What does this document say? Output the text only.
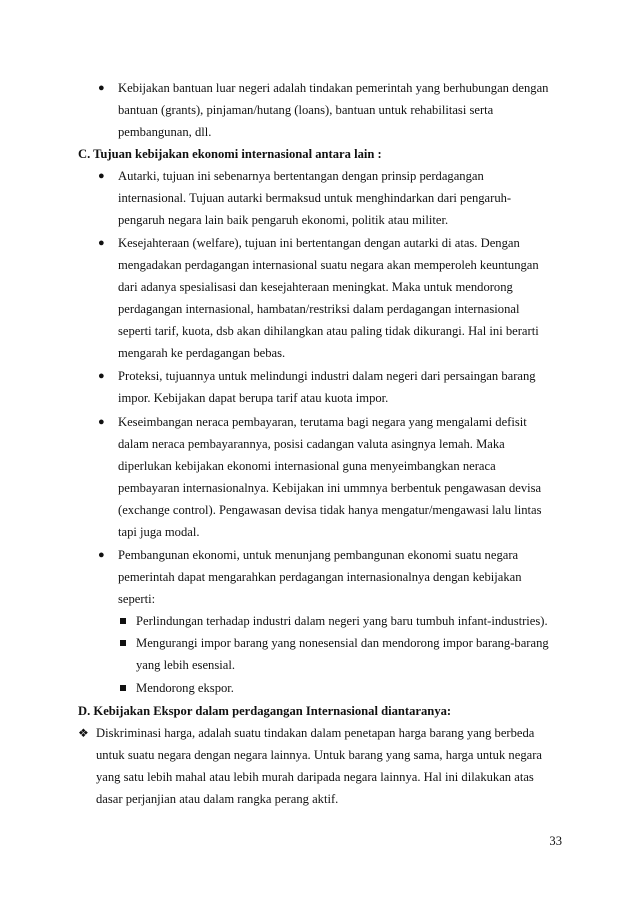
● Kebijakan bantuan luar negeri adalah tindakan pemerintah yang berhubungan dengan
bantuan (grants), pinjaman/hutang (loans), bantuan untuk rehabilitasi serta
pembangunan, dll.
C. Tujuan kebijakan ekonomi internasional antara lain :
● Autarki, tujuan ini sebenarnya bertentangan dengan prinsip perdagangan
internasional. Tujuan autarki bermaksud untuk menghindarkan dari pengaruh-
pengaruh negara lain baik pengaruh ekonomi, politik atau militer.
● Kesejahteraan (welfare), tujuan ini bertentangan dengan autarki di atas. Dengan
mengadakan perdagangan internasional suatu negara akan memperoleh keuntungan
dari adanya spesialisasi dan kesejahteraan meningkat. Maka untuk mendorong
perdagangan internasional, hambatan/restriksi dalam perdagangan internasional
seperti tarif, kuota, dsb akan dihilangkan atau paling tidak dikurangi. Hal ini berarti
mengarah ke perdagangan bebas.
● Proteksi, tujuannya untuk melindungi industri dalam negeri dari persaingan barang
impor. Kebijakan dapat berupa tarif atau kuota impor.
● Keseimbangan neraca pembayaran, terutama bagi negara yang mengalami defisit
dalam neraca pembayarannya, posisi cadangan valuta asingnya lemah. Maka
diperlukan kebijakan ekonomi internasional guna menyeimbangkan neraca
pembayaran internasionalnya. Kebijakan ini ummnya berbentuk pengawasan devisa
(exchange control). Pengawasan devisa tidak hanya mengatur/mengawasi lalu lintas
tapi juga modal.
● Pembangunan ekonomi, untuk menunjang pembangunan ekonomi suatu negara
pemerintah dapat mengarahkan perdagangan internasionalnya dengan kebijakan
seperti:
Perlindungan terhadap industri dalam negeri yang baru tumbuh infant-industries).
Mengurangi impor barang yang nonesensial dan mendorong impor barang-barang
yang lebih esensial.
Mendorong ekspor.
D. Kebijakan Ekspor dalam perdagangan Internasional diantaranya:
❖ Diskriminasi harga, adalah suatu tindakan dalam penetapan harga barang yang berbeda
untuk suatu negara dengan negara lainnya. Untuk barang yang sama, harga untuk negara
yang satu lebih mahal atau lebih murah daripada negara lainnya. Hal ini dilakukan atas
dasar perjanjian atau dalam rangka perang aktif.
33
